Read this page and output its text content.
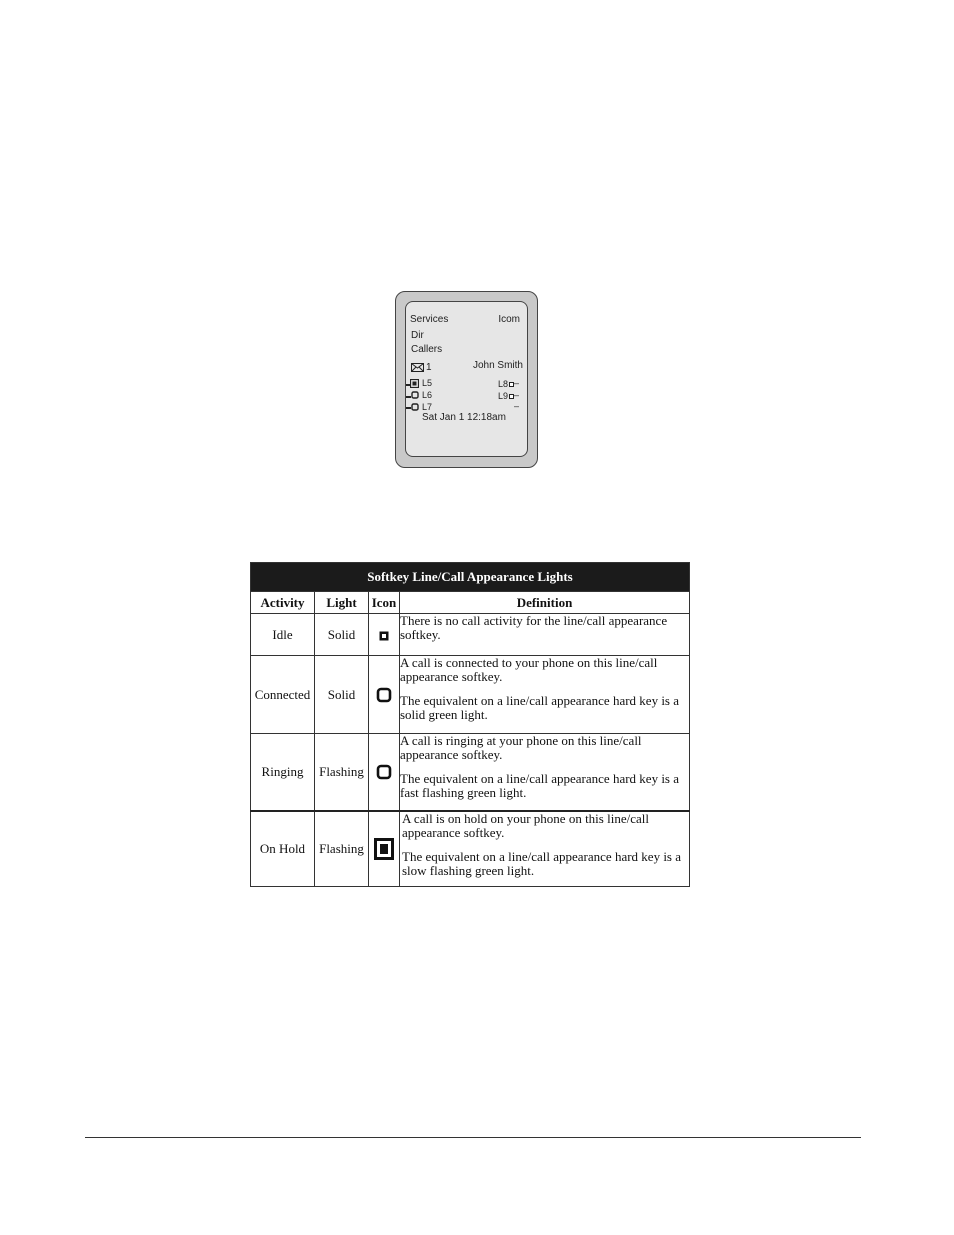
Services	Icom
Dir
Callers
1	John Smith
L5
L6
L7
L8 –
L9 –
–
Sat Jan 1 12:18am
Softkey Line/Call Appearance Lights			
Activity	Light	Icon	Definition
Idle	Solid		There is no call activity for the line/call appearance softkey.

Connected	Solid		A call is connected to your phone on this line/call appearance softkey.

The equivalent on a line/call appearance hard key is a solid green light.

Ringing	Flashing		A call is ringing at your phone on this line/call appearance softkey.

The equivalent on a line/call appearance hard key is a fast flashing green light.

On Hold	Flashing		A call is on hold on your phone on this line/call appearance softkey.

The equivalent on a line/call appearance hard key is a slow flashing green light.
